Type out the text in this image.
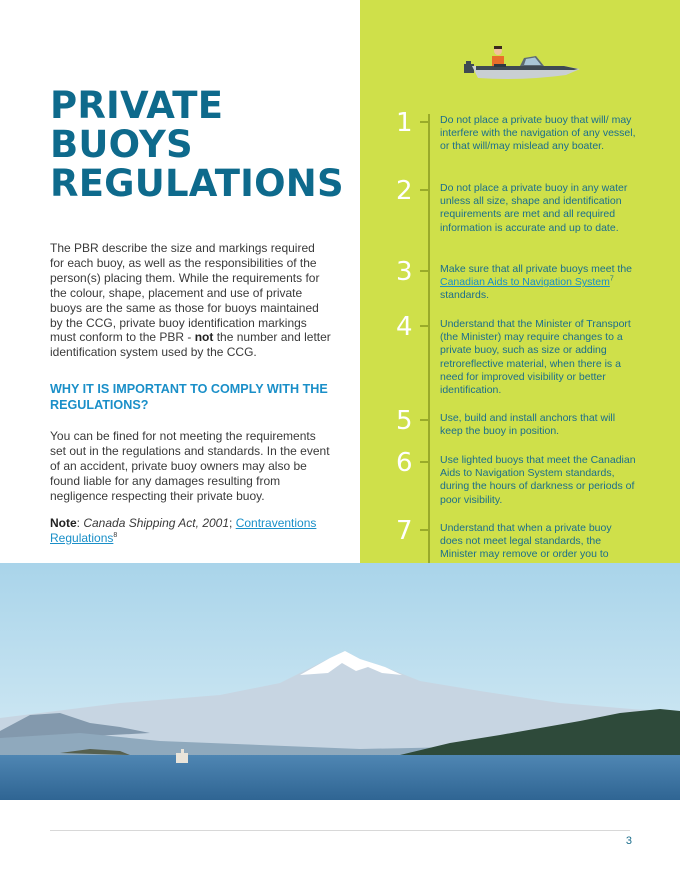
PRIVATE BUOYS REGULATIONS

The PBR describe the size and markings required for each buoy, as well as the responsibilities of the person(s) placing them. While the requirements for the colour, shape, placement and use of private buoys are the same as those for buoys maintained by the CCG, private buoy identification markings must conform to the PBR - not the number and letter identification system used by the CCG.

WHY IT IS IMPORTANT TO COMPLY WITH THE REGULATIONS?

You can be fined for not meeting the requirements set out in the regulations and standards. In the event of an accident, private buoy owners may also be found liable for any damages resulting from negligence respecting their private buoy.

Note: Canada Shipping Act, 2001; Contraventions Regulations$^8$

1	Do not place a private buoy that will/ may interfere with the navigation of any vessel, or that will/may mislead any boater.

2	Do not place a private buoy in any water unless all size, shape and identification requirements are met and all required information is accurate and up to date.

3	Make sure that all private buoys meet the Canadian Aids to Navigation System$^7$ standards.

4	Understand that the Minister of Transport (the Minister) may require changes to a private buoy, such as size or adding retroreflective material, when there is a need for improved visibility or better identification.

5	Use, build and install anchors that will keep the buoy in position.

6	Use lighted buoys that meet the Canadian Aids to Navigation System standards, during the hours of darkness or periods of poor visibility.

7	Understand that when a private buoy does not meet legal standards, the Minister may remove or order you to

3
